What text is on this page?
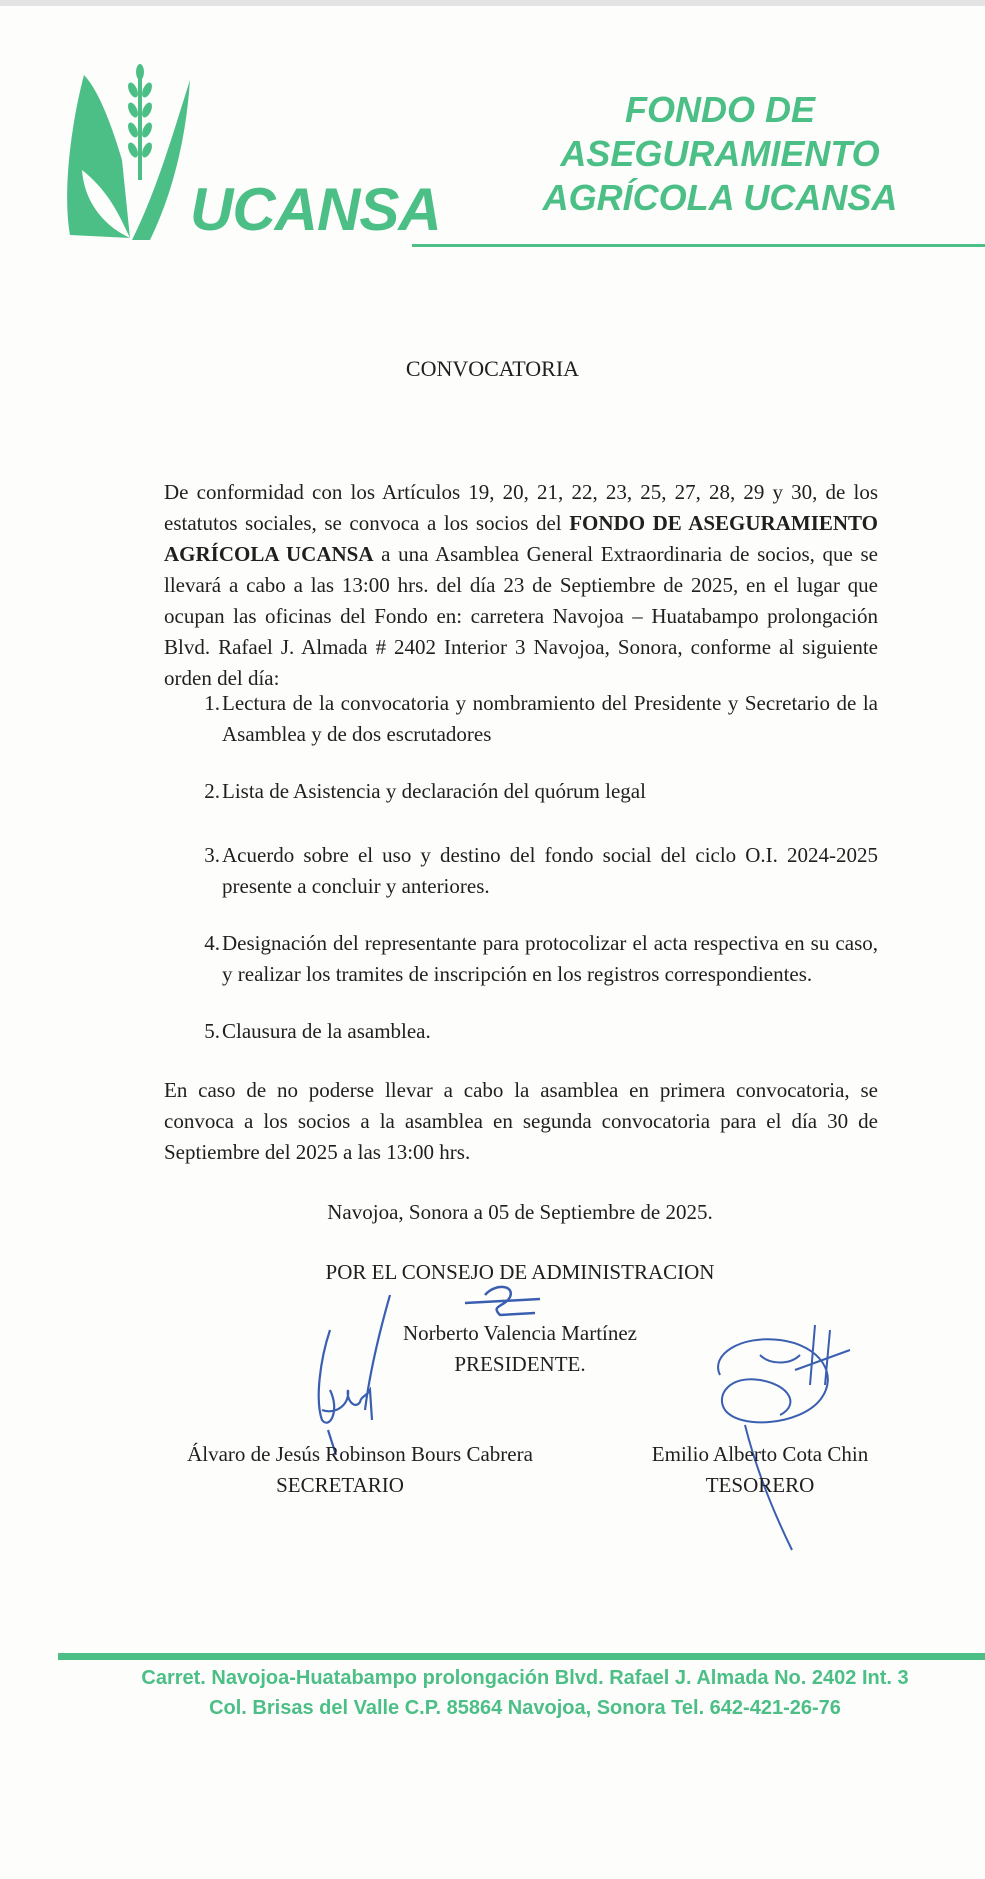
UCANSA
FONDO DE ASEGURAMIENTO
AGRÍCOLA UCANSA
CONVOCATORIA

De conformidad con los Artículos 19, 20, 21, 22, 23, 25, 27, 28, 29 y 30, de los estatutos sociales, se convoca a los socios del FONDO DE ASEGURAMIENTO AGRÍCOLA UCANSA a una Asamblea General Extraordinaria de socios, que se llevará a cabo a las 13:00 hrs. del día 23 de Septiembre de 2025, en el lugar que ocupan las oficinas del Fondo en: carretera Navojoa – Huatabampo prolongación Blvd. Rafael J. Almada # 2402 Interior 3 Navojoa, Sonora, conforme al siguiente orden del día:

1. Lectura de la convocatoria y nombramiento del Presidente y Secretario de la Asamblea y de dos escrutadores
2. Lista de Asistencia y declaración del quórum legal
3. Acuerdo sobre el uso y destino del fondo social del ciclo O.I. 2024-2025 presente a concluir y anteriores.
4. Designación del representante para protocolizar el acta respectiva en su caso, y realizar los tramites de inscripción en los registros correspondientes.
5. Clausura de la asamblea.

En caso de no poderse llevar a cabo la asamblea en primera convocatoria, se convoca a los socios a la asamblea en segunda convocatoria para el día 30 de Septiembre del 2025 a las 13:00 hrs.

Navojoa, Sonora a 05 de Septiembre de 2025.
POR EL CONSEJO DE ADMINISTRACION
Norberto Valencia Martínez
PRESIDENTE.
Álvaro de Jesús Robinson Bours Cabrera
SECRETARIO
Emilio Alberto Cota Chin
TESORERO
Carret. Navojoa-Huatabampo prolongación Blvd. Rafael J. Almada No. 2402 Int. 3
Col. Brisas del Valle C.P. 85864 Navojoa, Sonora Tel. 642-421-26-76
